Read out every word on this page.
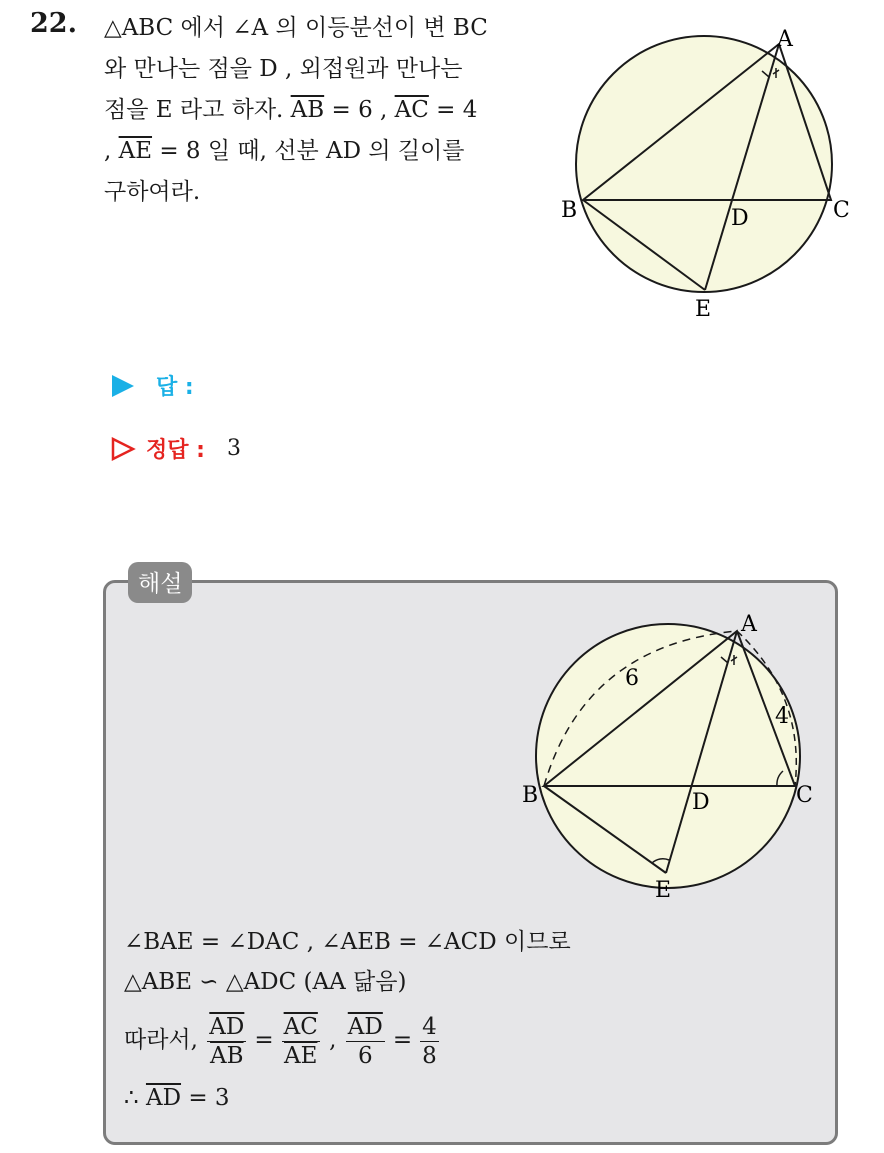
22. △ABC 에서 ∠A 의 이등분선이 변 BC
와 만나는 점을 D , 외접원과 만나는
점을 E 라고 하자. $\overline{AB} = 6$ , $\overline{AC} = 4$
, $\overline{AE} = 8$ 일 때, 선분 AD 의 길이를
구하여라.
A
B	C
D
E
답 :
정답 : 3
해설
6
4
A
B	C
D
E
∠BAE = ∠DAC , ∠AEB = ∠ACD 이므로
△ABE ∽ △ADC (AA 닮음)
따라서, $\frac{\overline{AD}}{AB} = \frac{\overline{AC}}{AE}$ , $\frac{\overline{AD}}{6} = \frac{4}{8}$
∴ $\overline{AD} = 3$
